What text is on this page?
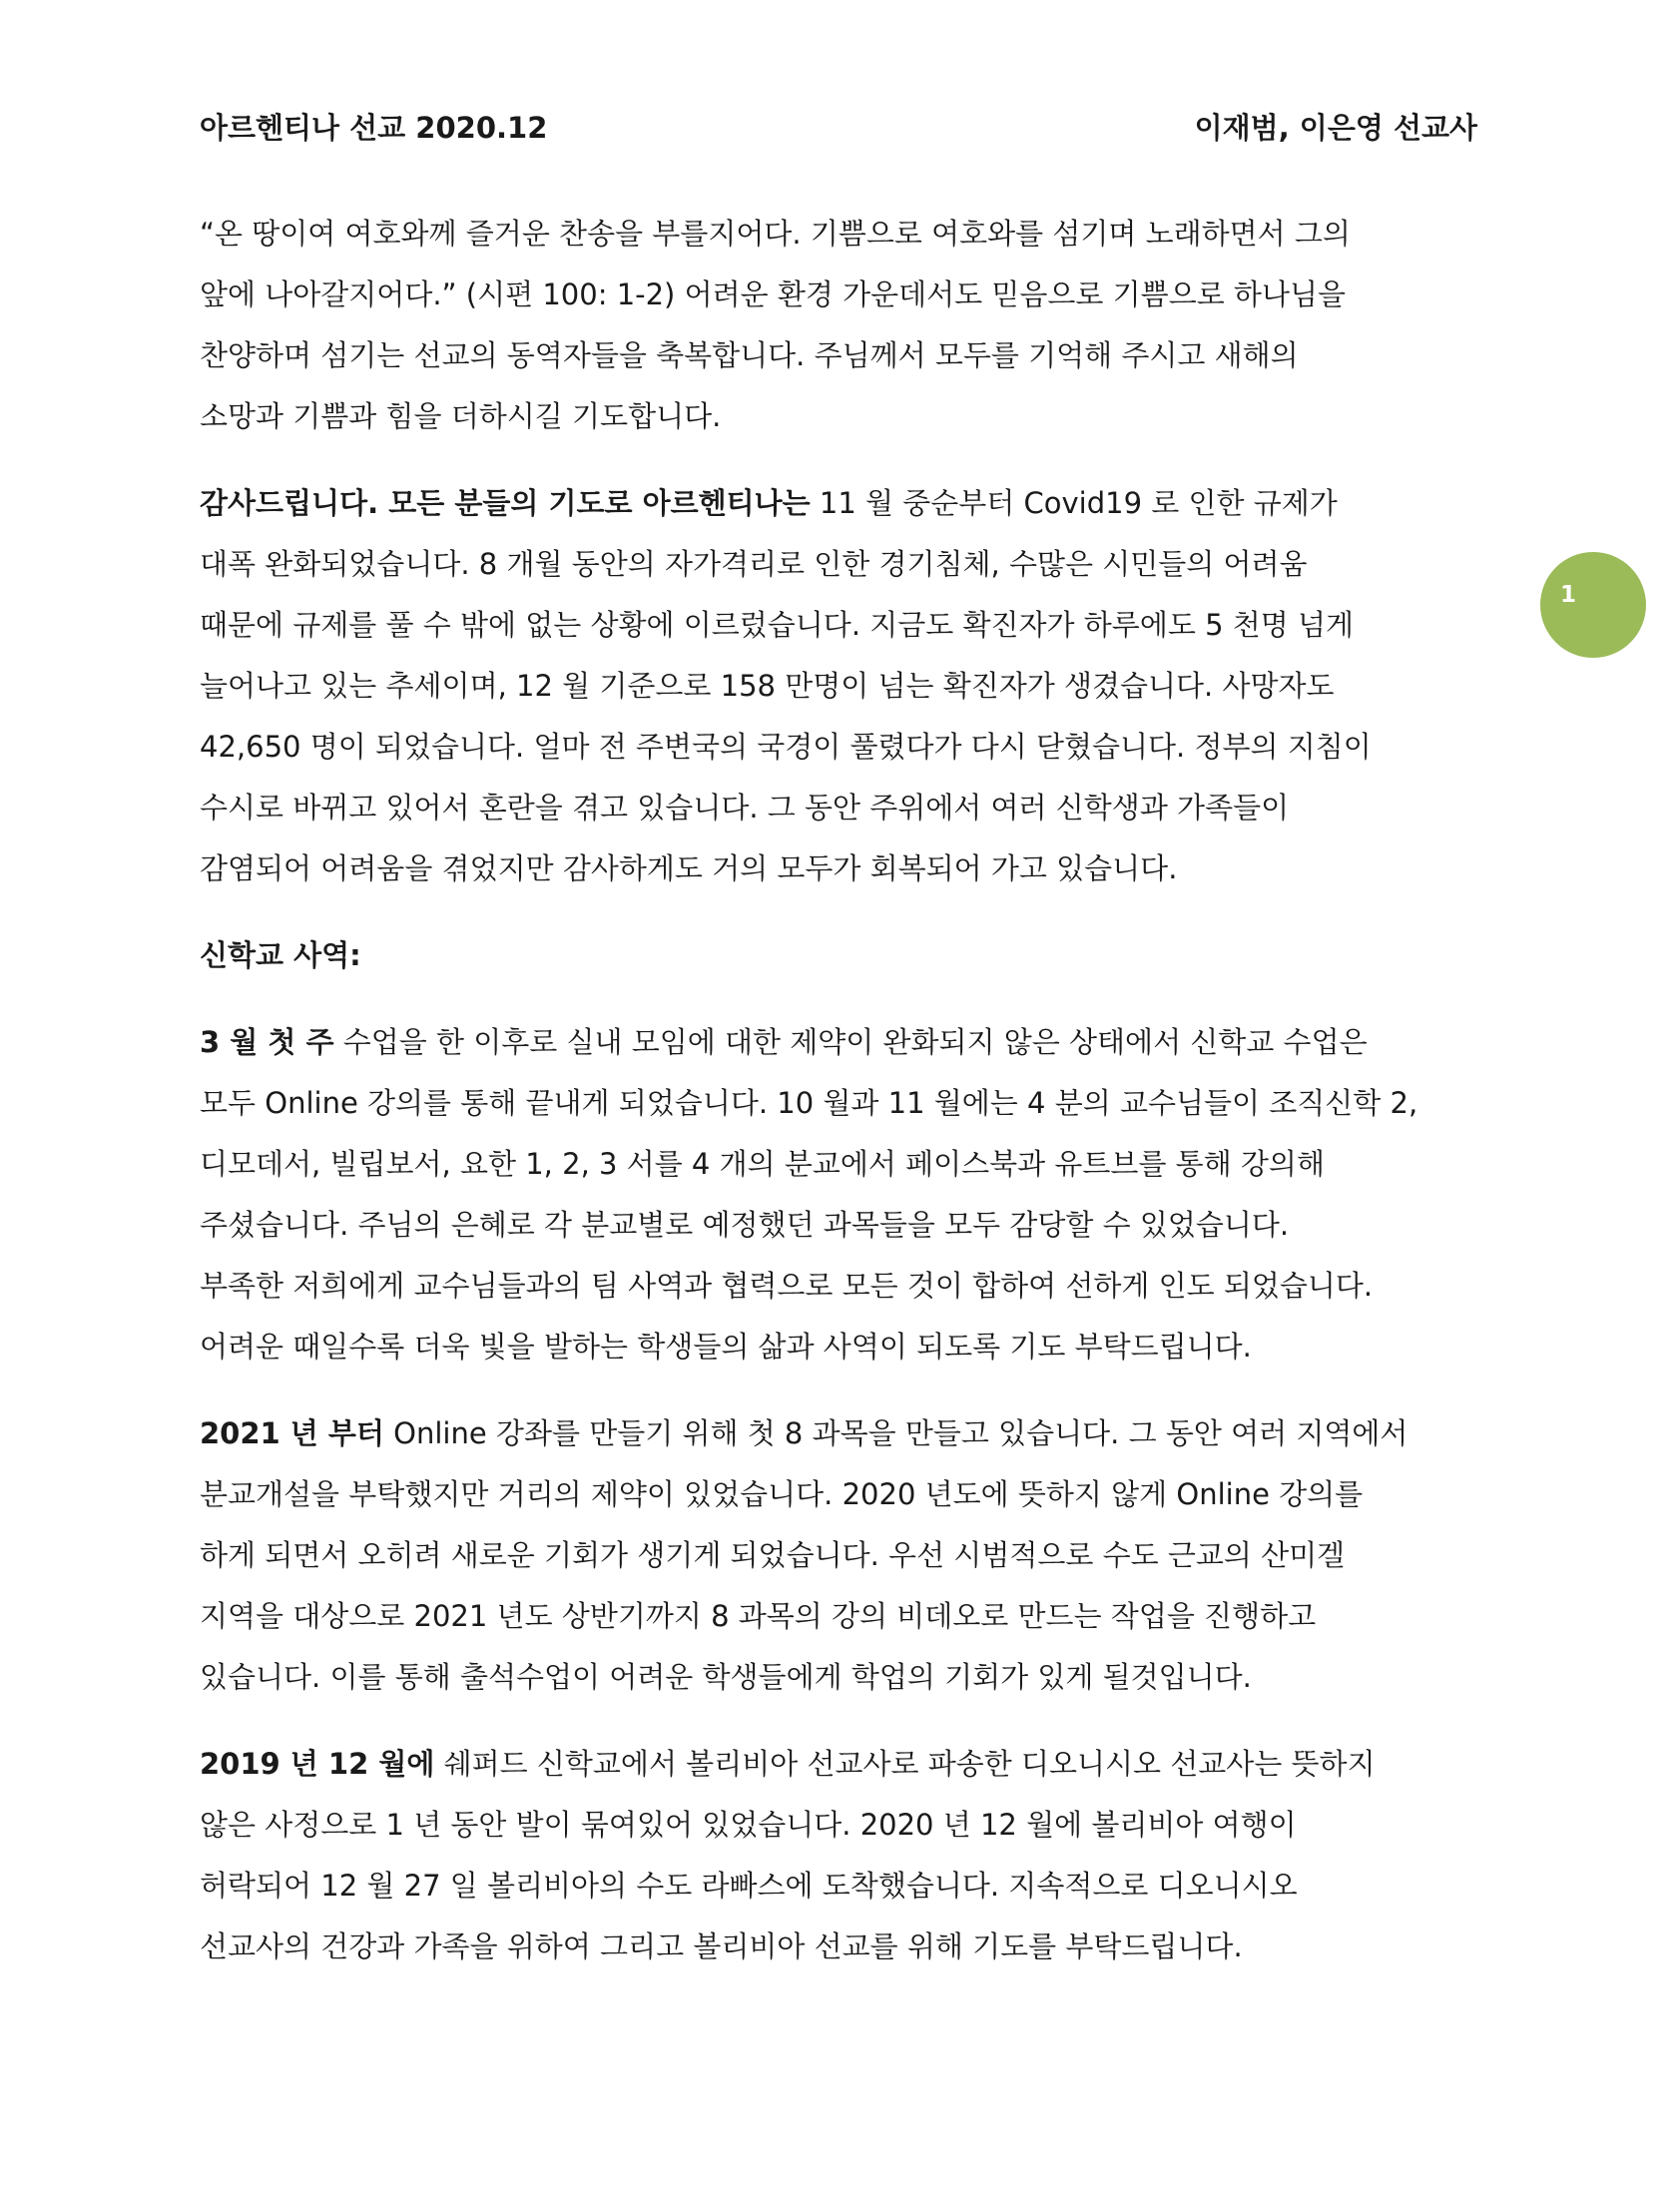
아르헨티나 선교 2020.12	이재범, 이은영 선교사
1
“온 땅이여 여호와께 즐거운 찬송을 부를지어다. 기쁨으로 여호와를 섬기며 노래하면서 그의
앞에 나아갈지어다.” (시편 100: 1-2) 어려운 환경 가운데서도 믿음으로 기쁨으로 하나님을
찬양하며 섬기는 선교의 동역자들을 축복합니다. 주님께서 모두를 기억해 주시고 새해의
소망과 기쁨과 힘을 더하시길 기도합니다.
감사드립니다. 모든 분들의 기도로 아르헨티나는 11 월 중순부터 Covid19 로 인한 규제가
대폭 완화되었습니다. 8 개월 동안의 자가격리로 인한 경기침체, 수많은 시민들의 어려움
때문에 규제를 풀 수 밖에 없는 상황에 이르렀습니다. 지금도 확진자가 하루에도 5 천명 넘게
늘어나고 있는 추세이며, 12 월 기준으로 158 만명이 넘는 확진자가 생겼습니다. 사망자도
42,650 명이 되었습니다. 얼마 전 주변국의 국경이 풀렸다가 다시 닫혔습니다. 정부의 지침이
수시로 바뀌고 있어서 혼란을 겪고 있습니다. 그 동안 주위에서 여러 신학생과 가족들이
감염되어 어려움을 겪었지만 감사하게도 거의 모두가 회복되어 가고 있습니다.
신학교 사역:
3 월 첫 주 수업을 한 이후로 실내 모임에 대한 제약이 완화되지 않은 상태에서 신학교 수업은
모두 Online 강의를 통해 끝내게 되었습니다. 10 월과 11 월에는 4 분의 교수님들이 조직신학 2,
디모데서, 빌립보서, 요한 1, 2, 3 서를 4 개의 분교에서 페이스북과 유트브를 통해 강의해
주셨습니다. 주님의 은혜로 각 분교별로 예정했던 과목들을 모두 감당할 수 있었습니다.
부족한 저희에게 교수님들과의 팀 사역과 협력으로 모든 것이 합하여 선하게 인도 되었습니다.
어려운 때일수록 더욱 빛을 발하는 학생들의 삶과 사역이 되도록 기도 부탁드립니다.
2021 년 부터 Online 강좌를 만들기 위해 첫 8 과목을 만들고 있습니다. 그 동안 여러 지역에서
분교개설을 부탁했지만 거리의 제약이 있었습니다. 2020 년도에 뜻하지 않게 Online 강의를
하게 되면서 오히려 새로운 기회가 생기게 되었습니다. 우선 시범적으로 수도 근교의 산미겔
지역을 대상으로 2021 년도 상반기까지 8 과목의 강의 비데오로 만드는 작업을 진행하고
있습니다. 이를 통해 출석수업이 어려운 학생들에게 학업의 기회가 있게 될것입니다.
2019 년 12 월에 쉐퍼드 신학교에서 볼리비아 선교사로 파송한 디오니시오 선교사는 뜻하지
않은 사정으로 1 년 동안 발이 묶여있어 있었습니다. 2020 년 12 월에 볼리비아 여행이
허락되어 12 월 27 일 볼리비아의 수도 라빠스에 도착했습니다. 지속적으로 디오니시오
선교사의 건강과 가족을 위하여 그리고 볼리비아 선교를 위해 기도를 부탁드립니다.
